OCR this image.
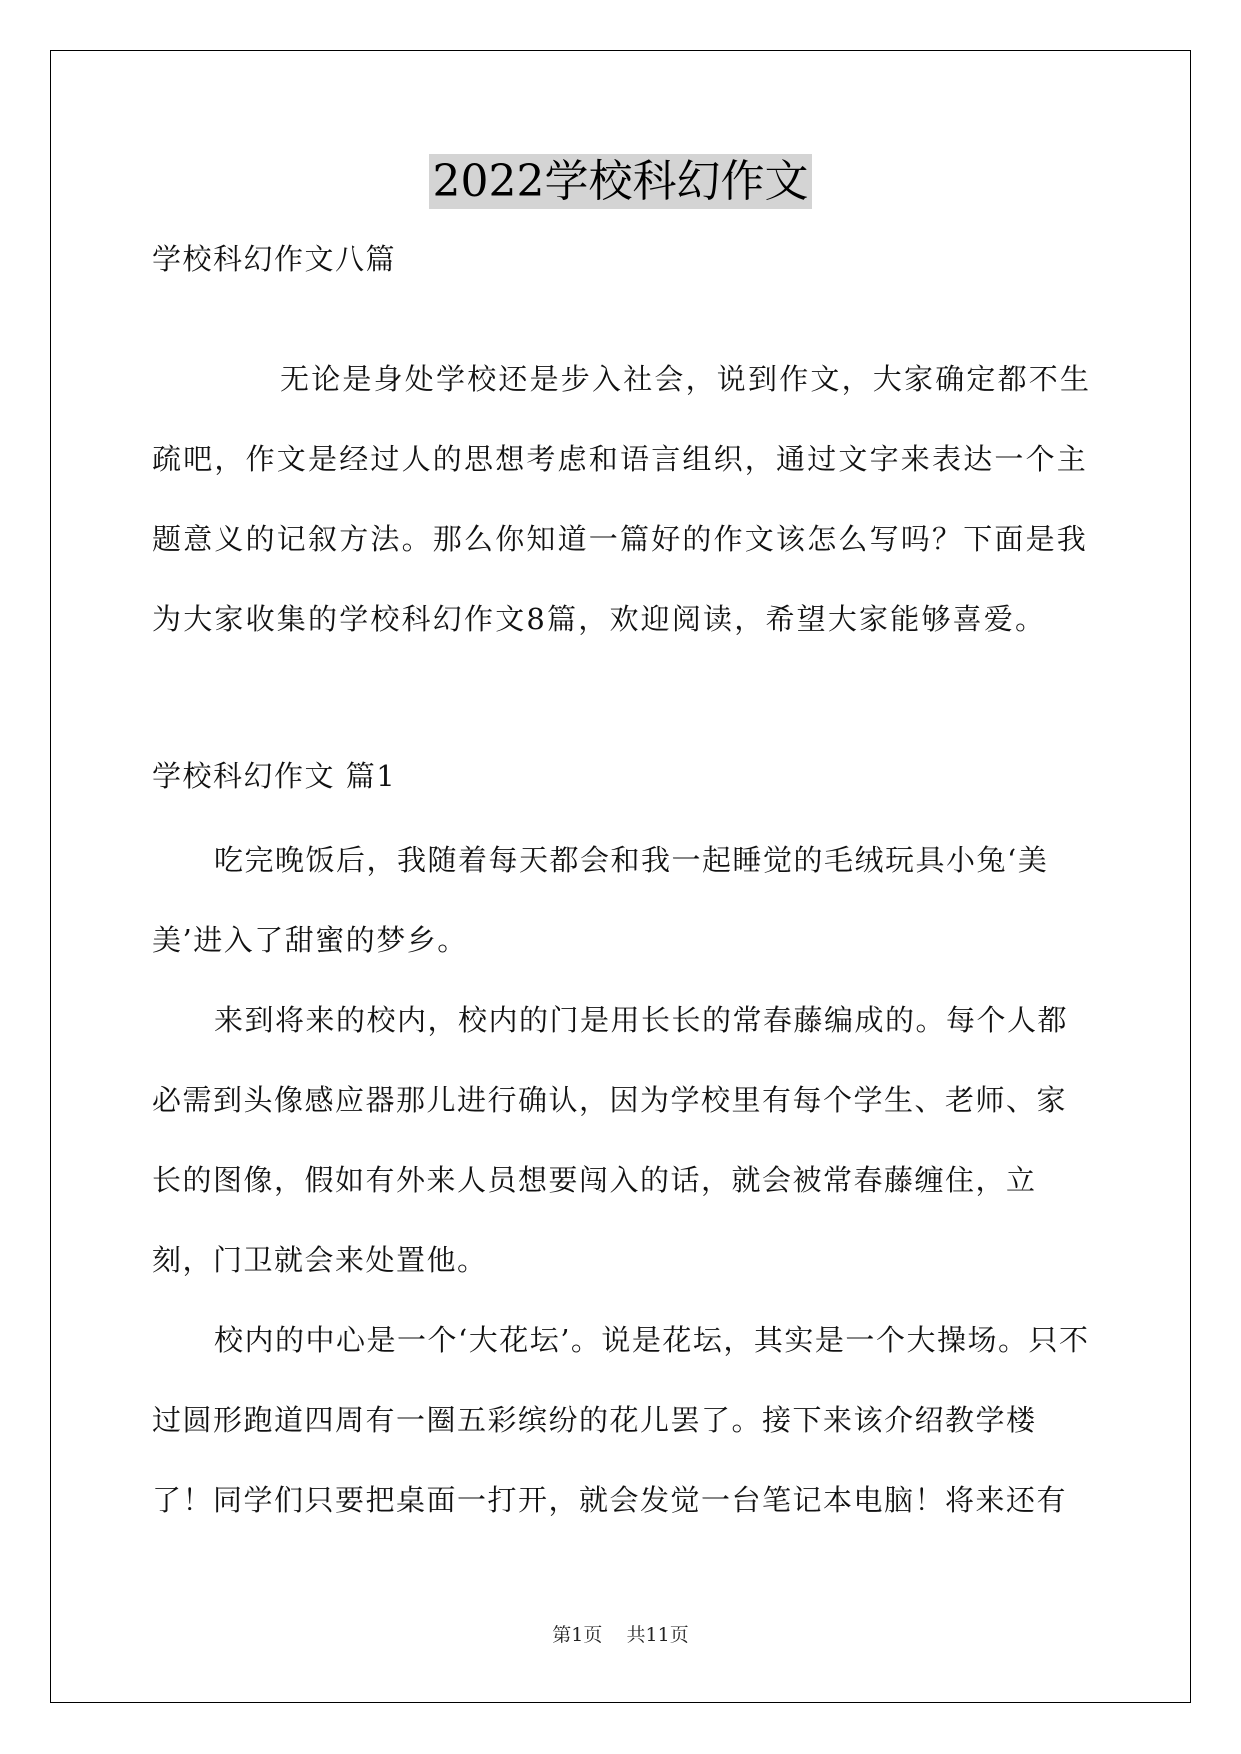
2022学校科幻作文

学校科幻作文八篇

无论是身处学校还是步入社会，说到作文，大家确定都不生疏吧，作文是经过人的思想考虑和语言组织，通过文字来表达一个主题意义的记叙方法。那么你知道一篇好的作文该怎么写吗？下面是我为大家收集的学校科幻作文8篇，欢迎阅读，希望大家能够喜爱。

学校科幻作文 篇1

吃完晚饭后，我随着每天都会和我一起睡觉的毛绒玩具小兔‘美美’进入了甜蜜的梦乡。

来到将来的校内，校内的门是用长长的常春藤编成的。每个人都必需到头像感应器那儿进行确认，因为学校里有每个学生、老师、家长的图像，假如有外来人员想要闯入的话，就会被常春藤缠住，立刻，门卫就会来处置他。

校内的中心是一个‘大花坛’。说是花坛，其实是一个大操场。只不过圆形跑道四周有一圈五彩缤纷的花儿罢了。接下来该介绍教学楼了！同学们只要把桌面一打开，就会发觉一台笔记本电脑！将来还有

第1页 共11页
